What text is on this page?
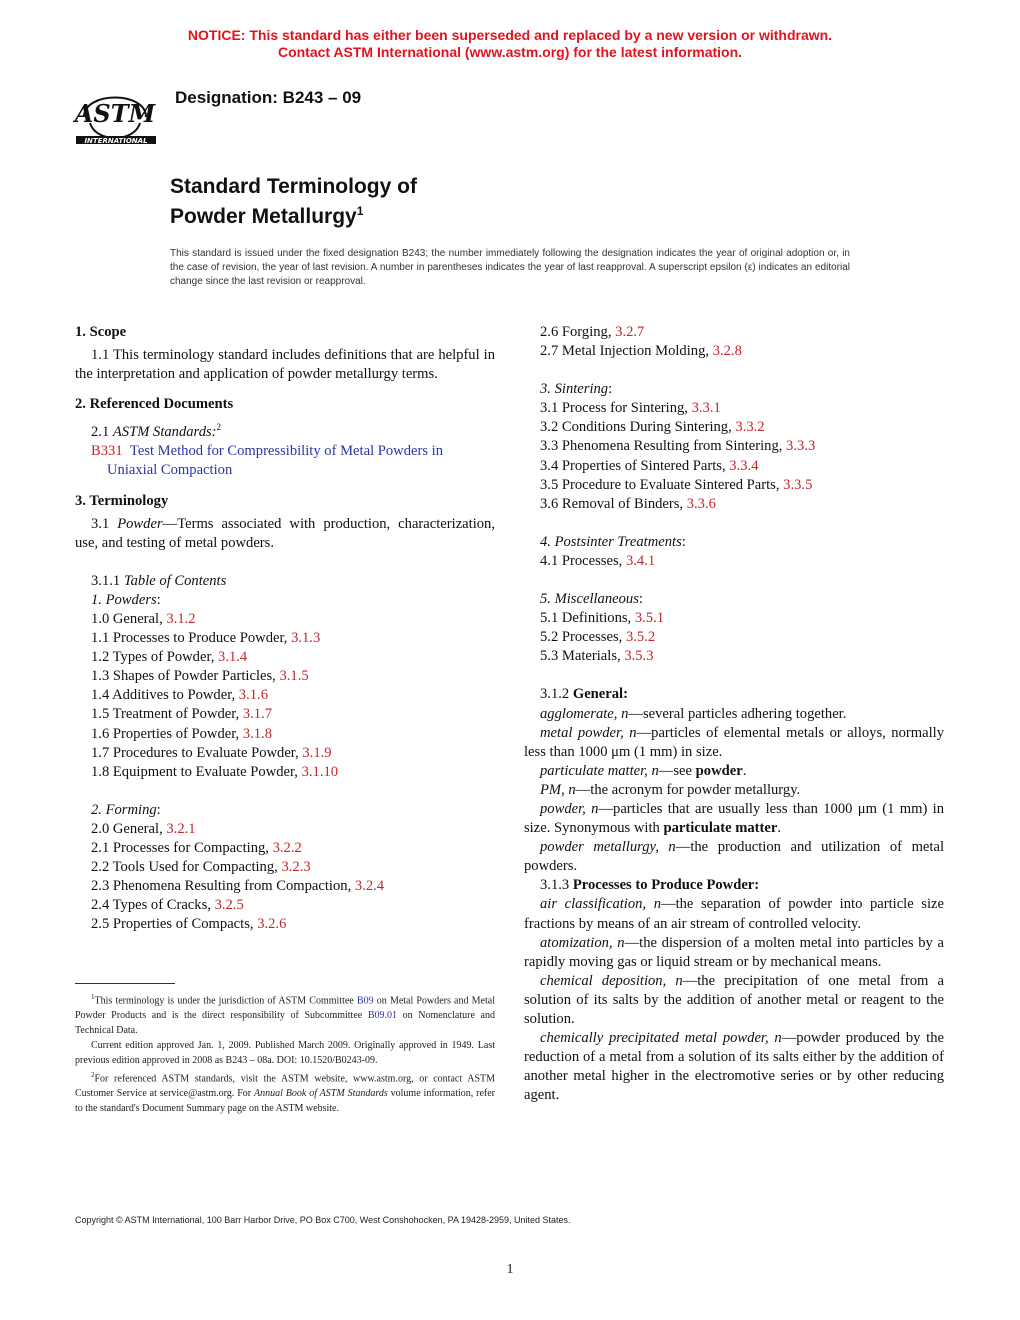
NOTICE: This standard has either been superseded and replaced by a new version or withdrawn.
Contact ASTM International (www.astm.org) for the latest information.
ASTM
INTERNATIONAL
Designation: B243 – 09
Standard Terminology of
Powder Metallurgy$^1$
This standard is issued under the fixed designation B243; the number immediately following the designation indicates the year of original adoption or, in the case of revision, the year of last revision. A number in parentheses indicates the year of last reapproval. A superscript epsilon (ε) indicates an editorial change since the last revision or reapproval.
1. Scope
1.1 This terminology standard includes definitions that are helpful in the interpretation and application of powder metallurgy terms.
2. Referenced Documents
2.1 ASTM Standards:$^2$
B331 Test Method for Compressibility of Metal Powders in Uniaxial Compaction
3. Terminology
3.1 Powder—Terms associated with production, characterization, use, and testing of metal powders.
3.1.1 Table of Contents
1. Powders:
1.0 General, 3.1.2
1.1 Processes to Produce Powder, 3.1.3
1.2 Types of Powder, 3.1.4
1.3 Shapes of Powder Particles, 3.1.5
1.4 Additives to Powder, 3.1.6
1.5 Treatment of Powder, 3.1.7
1.6 Properties of Powder, 3.1.8
1.7 Procedures to Evaluate Powder, 3.1.9
1.8 Equipment to Evaluate Powder, 3.1.10
2. Forming:
2.0 General, 3.2.1
2.1 Processes for Compacting, 3.2.2
2.2 Tools Used for Compacting, 3.2.3
2.3 Phenomena Resulting from Compaction, 3.2.4
2.4 Types of Cracks, 3.2.5
2.5 Properties of Compacts, 3.2.6
$^1$This terminology is under the jurisdiction of ASTM Committee B09 on Metal Powders and Metal Powder Products and is the direct responsibility of Subcommittee B09.01 on Nomenclature and Technical Data.
Current edition approved Jan. 1, 2009. Published March 2009. Originally approved in 1949. Last previous edition approved in 2008 as B243 – 08a. DOI: 10.1520/B0243-09.
$^2$For referenced ASTM standards, visit the ASTM website, www.astm.org, or contact ASTM Customer Service at service@astm.org. For Annual Book of ASTM Standards volume information, refer to the standard's Document Summary page on the ASTM website.
2.6 Forging, 3.2.7
2.7 Metal Injection Molding, 3.2.8
3. Sintering:
3.1 Process for Sintering, 3.3.1
3.2 Conditions During Sintering, 3.3.2
3.3 Phenomena Resulting from Sintering, 3.3.3
3.4 Properties of Sintered Parts, 3.3.4
3.5 Procedure to Evaluate Sintered Parts, 3.3.5
3.6 Removal of Binders, 3.3.6
4. Postsinter Treatments:
4.1 Processes, 3.4.1
5. Miscellaneous:
5.1 Definitions, 3.5.1
5.2 Processes, 3.5.2
5.3 Materials, 3.5.3
3.1.2 General:
agglomerate, n—several particles adhering together.
metal powder, n—particles of elemental metals or alloys, normally less than 1000 μm (1 mm) in size.
particulate matter, n—see powder.
PM, n—the acronym for powder metallurgy.
powder, n—particles that are usually less than 1000 μm (1 mm) in size. Synonymous with particulate matter.
powder metallurgy, n—the production and utilization of metal powders.
3.1.3 Processes to Produce Powder:
air classification, n—the separation of powder into particle size fractions by means of an air stream of controlled velocity.
atomization, n—the dispersion of a molten metal into particles by a rapidly moving gas or liquid stream or by mechanical means.
chemical deposition, n—the precipitation of one metal from a solution of its salts by the addition of another metal or reagent to the solution.
chemically precipitated metal powder, n—powder produced by the reduction of a metal from a solution of its salts either by the addition of another metal higher in the electromotive series or by other reducing agent.
Copyright © ASTM International, 100 Barr Harbor Drive, PO Box C700, West Conshohocken, PA 19428-2959, United States.
1
